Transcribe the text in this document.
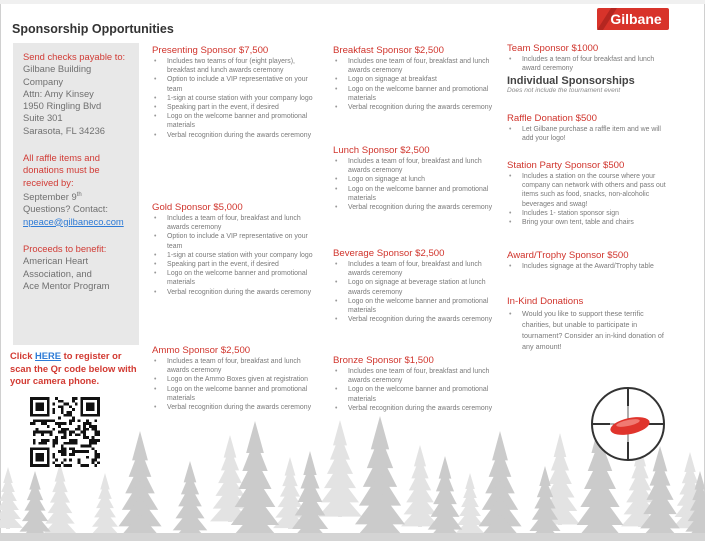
Sponsorship Opportunities
Gilbane
Send checks payable to:
Gilbane Building
Company
Attn: Amy Kinsey
1950 Ringling Blvd
Suite 301
Sarasota, FL 34236
All raffle items and
donations must be
received by:
September 9th
Questions? Contact:
npeace@gilbaneco.com
Proceeds to benefit:
American Heart
Association, and
Ace Mentor Program
Click HERE to register or scan the Qr code below with your camera phone.
Presenting Sponsor $7,500
• Includes two teams of four (eight players), breakfast and lunch awards ceremony
• Option to include a VIP representative on your team
• 1-sign at course station with your company logo
• Speaking part in the event, if desired
• Logo on the welcome banner and promotional materials
• Verbal recognition during the awards ceremony
Gold Sponsor $5,000
• Includes a team of four, breakfast and lunch awards ceremony
• Option to include a VIP representative on your team
• 1-sign at course station with your company logo
• Speaking part in the event, if desired
• Logo on the welcome banner and promotional materials
• Verbal recognition during the awards ceremony
Ammo Sponsor $2,500
• Includes a team of four, breakfast and lunch awards ceremony
• Logo on the Ammo Boxes given at registration
• Logo on the welcome banner and promotional materials
• Verbal recognition during the awards ceremony
Breakfast Sponsor $2,500
• Includes one team of four, breakfast and lunch awards ceremony
• Logo on signage at breakfast
• Logo on the welcome banner and promotional materials
• Verbal recognition during the awards ceremony
Lunch Sponsor $2,500
• Includes a team of four, breakfast and lunch awards ceremony
• Logo on signage at lunch
• Logo on the welcome banner and promotional materials
• Verbal recognition during the awards ceremony
Beverage Sponsor $2,500
• Includes a team of four, breakfast and lunch awards ceremony
• Logo on signage at beverage station at lunch awards ceremony
• Logo on the welcome banner and promotional materials
• Verbal recognition during the awards ceremony
Bronze Sponsor $1,500
• Includes one team of four, breakfast and lunch awards ceremony
• Logo on the welcome banner and promotional materials
• Verbal recognition during the awards ceremony
Team Sponsor $1000
• Includes a team of four breakfast and lunch award ceremony
Individual Sponsorships
Does not include the tournament event
Raffle Donation $500
• Let Gilbane purchase a raffle item and we will add your logo!
Station Party Sponsor $500
• Includes a station on the course where your company can network with others and pass out items such as food, snacks, non-alcoholic beverages and swag!
• Includes 1- station sponsor sign
• Bring your own tent, table and chairs
Award/Trophy Sponsor $500
• Includes signage at the Award/Trophy table
In-Kind Donations
• Would you like to support these terrific charities, but unable to participate in tournament? Consider an in-kind donation of any amount!
